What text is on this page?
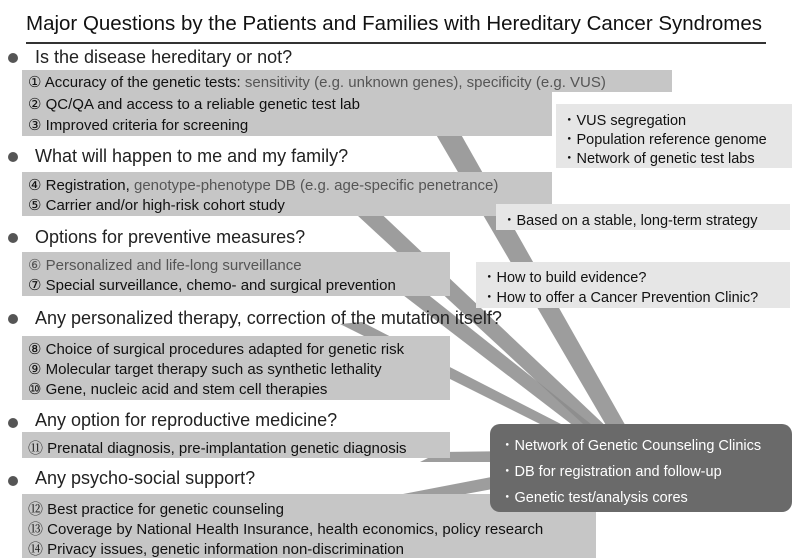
Major Questions by the Patients and Families with Hereditary Cancer Syndromes
Is the disease hereditary or not?
① Accuracy of the genetic tests: sensitivity (e.g. unknown genes), specificity (e.g. VUS)
② QC/QA and access to a reliable genetic test lab
③ Improved criteria for screening
What will happen to me and my family?
④ Registration, genotype-phenotype DB (e.g. age-specific penetrance)
⑤ Carrier and/or high-risk cohort study
Options for preventive measures?
⑥ Personalized and life-long surveillance
⑦ Special surveillance, chemo- and surgical prevention
Any personalized therapy, correction of the mutation itself?
⑧ Choice of surgical procedures adapted for genetic risk
⑨ Molecular target therapy such as synthetic lethality
⑩ Gene, nucleic acid and stem cell therapies
Any option for reproductive medicine?
⑪ Prenatal diagnosis, pre-implantation genetic diagnosis
Any psycho-social support?
⑫ Best practice for genetic counseling
⑬ Coverage by National Health Insurance, health economics, policy research
⑭ Privacy issues, genetic information non-discrimination
・VUS segregation
・Population reference genome
・Network of genetic test labs
・Based on a stable, long-term strategy
・How to build evidence?
・How to offer a Cancer Prevention Clinic?
・Network of Genetic Counseling Clinics
・DB for registration and follow-up
・Genetic test/analysis cores
